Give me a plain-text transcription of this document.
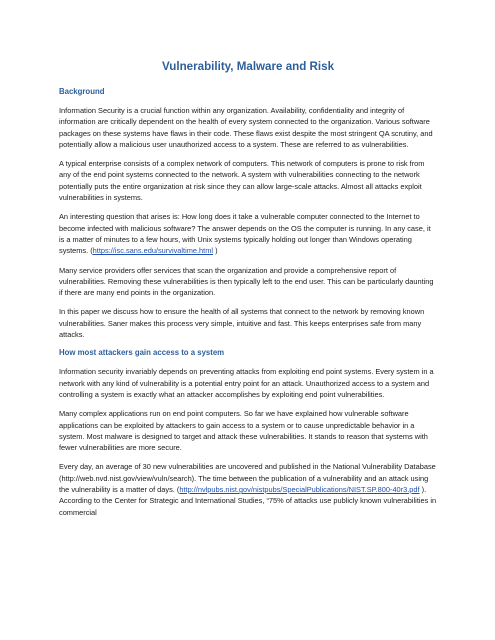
Vulnerability, Malware and Risk
Background

Information Security is a crucial function within any organization. Availability, confidentiality and integrity of information are critically dependent on the health of every system connected to the organization. Various software packages on these systems have flaws in their code. These flaws exist despite the most stringent QA scrutiny, and potentially allow a malicious user unauthorized access to a system. These are referred to as vulnerabilities.

A typical enterprise consists of a complex network of computers. This network of computers is prone to risk from any of the end point systems connected to the network. A system with vulnerabilities connecting to the network potentially puts the entire organization at risk since they can allow large-scale attacks. Almost all attacks exploit vulnerabilities in systems.

An interesting question that arises is: How long does it take a vulnerable computer connected to the Internet to become infected with malicious software? The answer depends on the OS the computer is running. In any case, it is a matter of minutes to a few hours, with Unix systems typically holding out longer than Windows operating systems. (https://isc.sans.edu/survivaltime.html )

Many service providers offer services that scan the organization and provide a comprehensive report of vulnerabilities. Removing these vulnerabilities is then typically left to the end user. This can be particularly daunting if there are many end points in the organization.

In this paper we discuss how to ensure the health of all systems that connect to the network by removing known vulnerabilities. Saner makes this process very simple, intuitive and fast. This keeps enterprises safe from many attacks.

How most attackers gain access to a system

Information security invariably depends on preventing attacks from exploiting end point systems. Every system in a network with any kind of vulnerability is a potential entry point for an attack. Unauthorized access to a system and controlling a system is exactly what an attacker accomplishes by exploiting end point vulnerabilities.

Many complex applications run on end point computers. So far we have explained how vulnerable software applications can be exploited by attackers to gain access to a system or to cause unpredictable behavior in a system. Most malware is designed to target and attack these vulnerabilities. It stands to reason that systems with fewer vulnerabilities are more secure.

Every day, an average of 30 new vulnerabilities are uncovered and published in the National Vulnerability Database (http://web.nvd.nist.gov/view/vuln/search). The time between the publication of a vulnerability and an attack using the vulnerability is a matter of days. (http://nvlpubs.nist.gov/nistpubs/SpecialPublications/NIST.SP.800-40r3.pdf ). According to the Center for Strategic and International Studies, “75% of attacks use publicly known vulnerabilities in commercial
